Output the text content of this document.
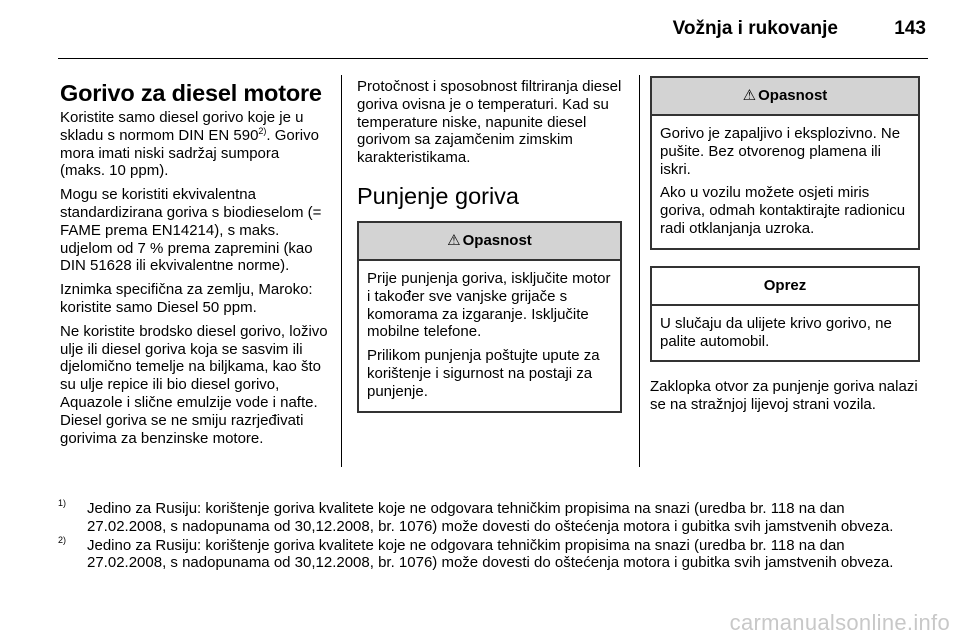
Vožnja i rukovanje	143
Gorivo za diesel motore

Koristite samo diesel gorivo koje je u skladu s normom DIN EN 590$^{2)}$. Gorivo mora imati niski sadržaj sumpora (maks. 10 ppm).

Mogu se koristiti ekvivalentna standardizirana goriva s biodieselom (= FAME prema EN14214), s maks. udjelom od 7 % prema zapremini (kao DIN 51628 ili ekvivalentne norme).

Iznimka specifična za zemlju, Maroko: koristite samo Diesel 50 ppm.

Ne koristite brodsko diesel gorivo, loživo ulje ili diesel goriva koja se sasvim ili djelomično temelje na biljkama, kao što su ulje repice ili bio diesel gorivo, Aquazole i slične emulzije vode i nafte. Diesel goriva se ne smiju razrjeđivati gorivima za benzinske motore.

Protočnost i sposobnost filtriranja diesel goriva ovisna je o temperaturi. Kad su temperature niske, napunite diesel gorivom sa zajamčenim zimskim karakteristikama.

Punjenje goriva
⚠ Opasnost

Prije punjenja goriva, isključite motor i također sve vanjske grijače s komorama za izgaranje. Isključite mobilne telefone.

Prilikom punjenja poštujte upute za korištenje i sigurnost na postaji za punjenje.

⚠ Opasnost

Gorivo je zapaljivo i eksplozivno. Ne pušite. Bez otvorenog plamena ili iskri.

Ako u vozilu možete osjeti miris goriva, odmah kontaktirajte radionicu radi otklanjanja uzroka.

Oprez

U slučaju da ulijete krivo gorivo, ne palite automobil.

Zaklopka otvor za punjenje goriva nalazi se na stražnjoj lijevoj strani vozila.

$^{1)}$	Jedino za Rusiju: korištenje goriva kvalitete koje ne odgovara tehničkim propisima na snazi (uredba br. 118 na dan 27.02.2008, s nadopunama od 30,12.2008, br. 1076) može dovesti do oštećenja motora i gubitka svih jamstvenih obveza.
$^{2)}$	Jedino za Rusiju: korištenje goriva kvalitete koje ne odgovara tehničkim propisima na snazi (uredba br. 118 na dan 27.02.2008, s nadopunama od 30,12.2008, br. 1076) može dovesti do oštećenja motora i gubitka svih jamstvenih obveza.
carmanualsonline.info
